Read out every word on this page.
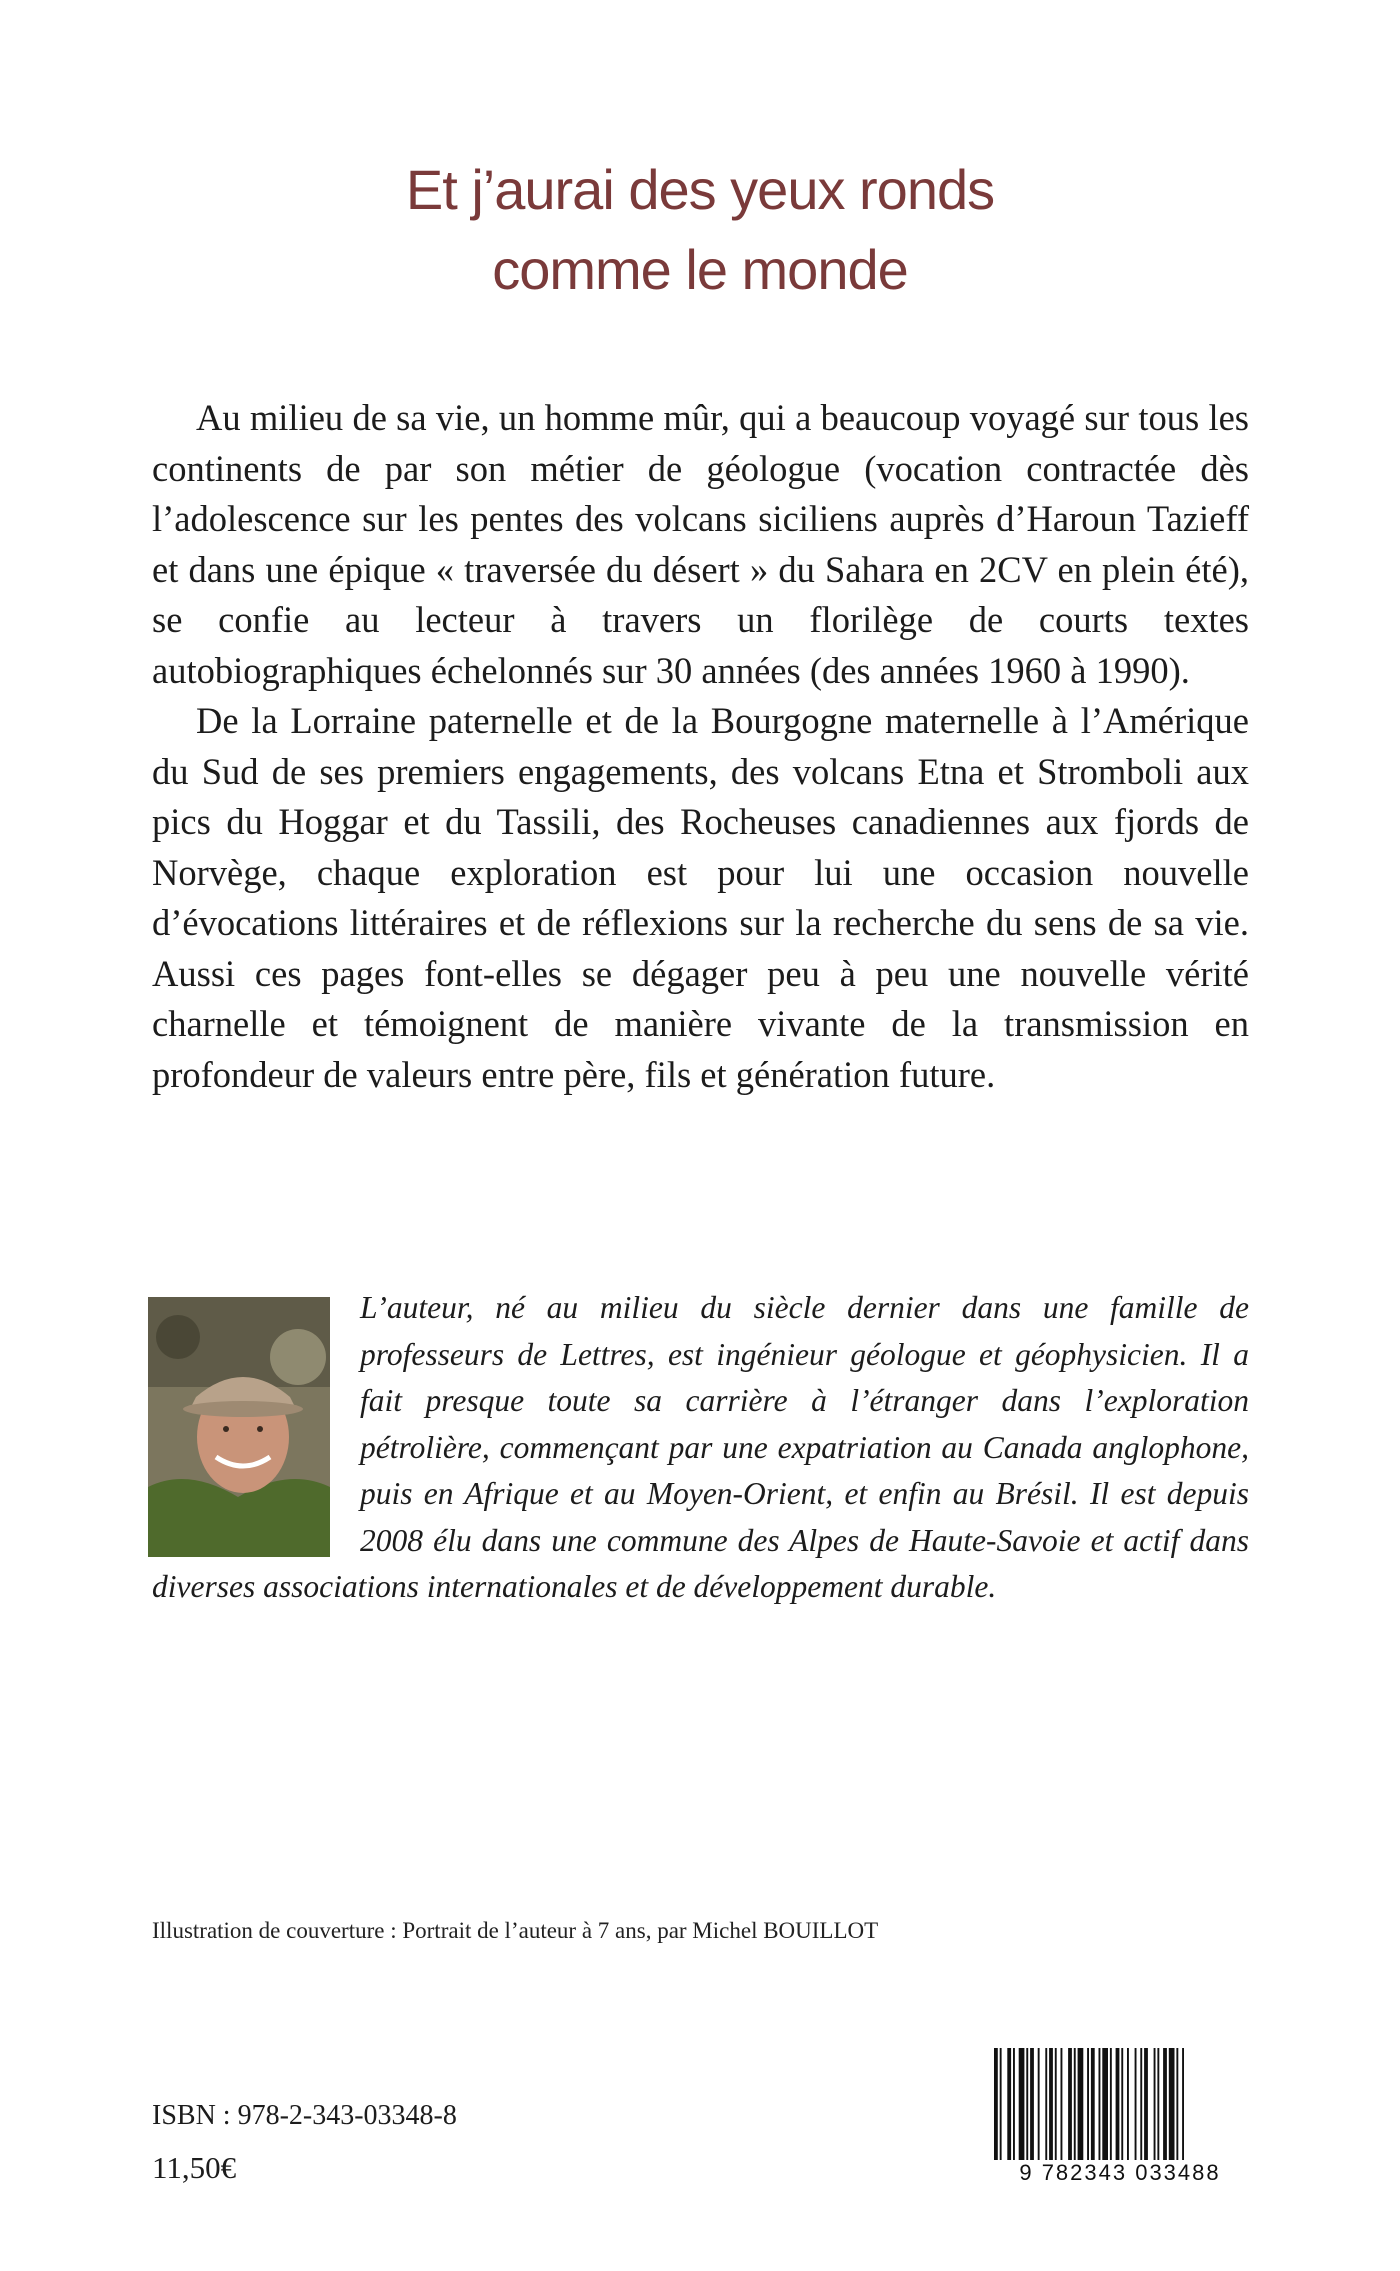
Et j’aurai des yeux ronds
comme le monde

Au milieu de sa vie, un homme mûr, qui a beaucoup voyagé sur tous les continents de par son métier de géologue (vocation contractée dès l’adolescence sur les pentes des volcans siciliens auprès d’Haroun Tazieff et dans une épique « traversée du désert » du Sahara en 2CV en plein été), se confie au lecteur à travers un florilège de courts textes autobiographiques échelonnés sur 30 années (des années 1960 à 1990).

De la Lorraine paternelle et de la Bourgogne maternelle à l’Amérique du Sud de ses premiers engagements, des volcans Etna et Stromboli aux pics du Hoggar et du Tassili, des Rocheuses canadiennes aux fjords de Norvège, chaque exploration est pour lui une occasion nouvelle d’évocations littéraires et de réflexions sur la recherche du sens de sa vie. Aussi ces pages font-elles se dégager peu à peu une nouvelle vérité charnelle et témoignent de manière vivante de la transmission en profondeur de valeurs entre père, fils et génération future.

L’auteur, né au milieu du siècle dernier dans une famille de professeurs de Lettres, est ingénieur géologue et géophysicien. Il a fait presque toute sa carrière à l’étranger dans l’exploration pétrolière, commençant par une expatriation au Canada anglophone, puis en Afrique et au Moyen-Orient, et enfin au Brésil. Il est depuis 2008 élu dans une commune des Alpes de Haute-Savoie et actif dans diverses associations internationales et de développement durable.
Illustration de couverture : Portrait de l’auteur à 7 ans, par Michel BOUILLOT
ISBN : 978-2-343-03348-8
11,50€	9 782343 033488
